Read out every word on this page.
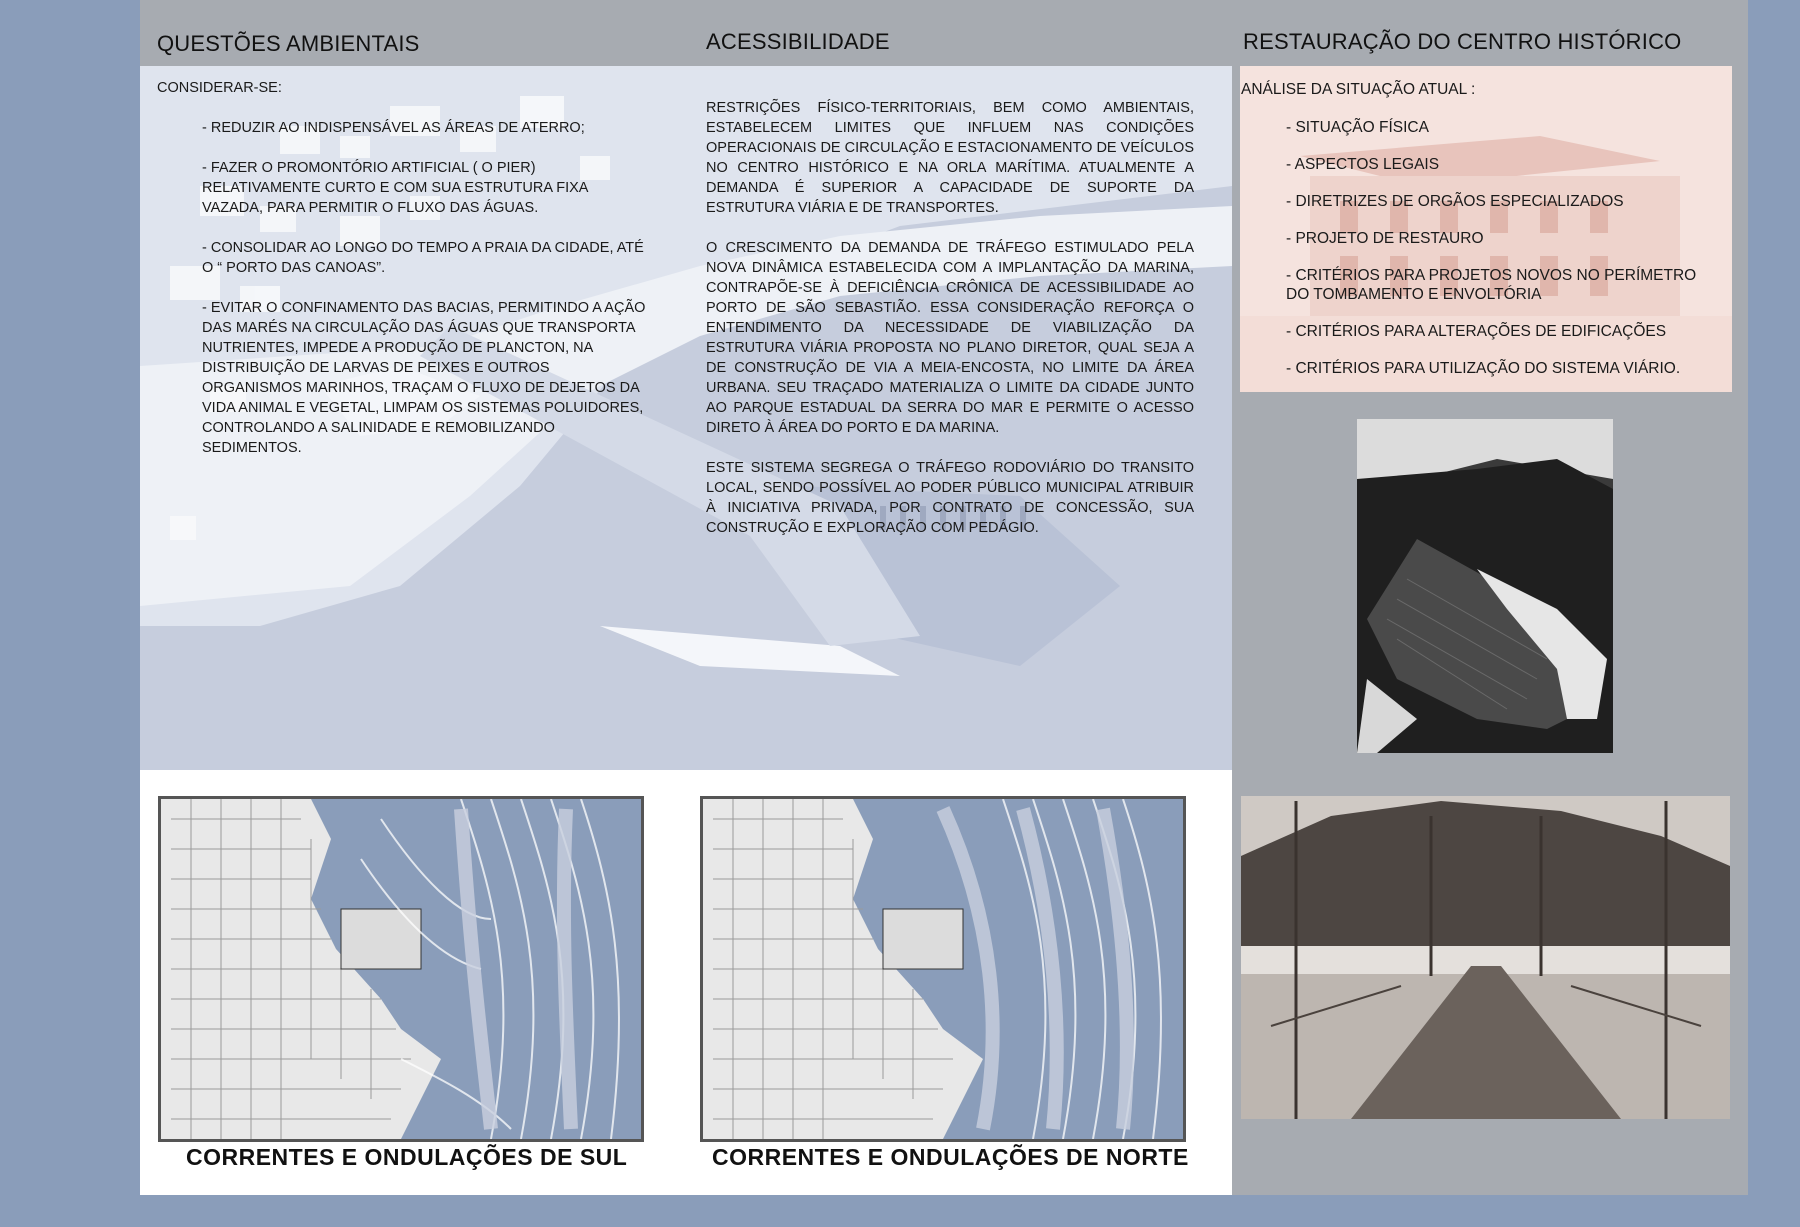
QUESTÕES AMBIENTAIS	ACESSIBILIDADE	RESTAURAÇÃO DO CENTRO HISTÓRICO

CONSIDERAR-SE:

- REDUZIR AO INDISPENSÁVEL AS ÁREAS DE ATERRO;

- FAZER O PROMONTÓRIO ARTIFICIAL ( O PIER) RELATIVAMENTE CURTO E COM SUA ESTRUTURA FIXA VAZADA, PARA PERMITIR O FLUXO DAS ÁGUAS.

- CONSOLIDAR AO LONGO DO TEMPO A PRAIA DA CIDADE, ATÉ O “ PORTO DAS CANOAS”.

- EVITAR O CONFINAMENTO DAS BACIAS, PERMITINDO A AÇÃO DAS MARÉS NA CIRCULAÇÃO DAS ÁGUAS QUE TRANSPORTA NUTRIENTES, IMPEDE A PRODUÇÃO DE PLANCTON, NA DISTRIBUIÇÃO DE LARVAS DE PEIXES E OUTROS ORGANISMOS MARINHOS, TRAÇAM O FLUXO DE DEJETOS DA VIDA ANIMAL E VEGETAL, LIMPAM OS SISTEMAS POLUIDORES, CONTROLANDO A SALINIDADE E REMOBILIZANDO SEDIMENTOS.

RESTRIÇÕES FÍSICO-TERRITORIAIS, BEM COMO AMBIENTAIS, ESTABELECEM LIMITES QUE INFLUEM NAS CONDIÇÕES OPERACIONAIS DE CIRCULAÇÃO E ESTACIONAMENTO DE VEÍCULOS NO CENTRO HISTÓRICO E NA ORLA MARÍTIMA. ATUALMENTE A DEMANDA É SUPERIOR A CAPACIDADE DE SUPORTE DA ESTRUTURA VIÁRIA E DE TRANSPORTES.

O CRESCIMENTO DA DEMANDA DE TRÁFEGO ESTIMULADO PELA NOVA DINÂMICA ESTABELECIDA COM A IMPLANTAÇÃO DA MARINA, CONTRAPÕE-SE À DEFICIÊNCIA CRÔNICA DE ACESSIBILIDADE AO PORTO DE SÃO SEBASTIÃO. ESSA CONSIDERAÇÃO REFORÇA O ENTENDIMENTO DA NECESSIDADE DE VIABILIZAÇÃO DA ESTRUTURA VIÁRIA PROPOSTA NO PLANO DIRETOR, QUAL SEJA A DE CONSTRUÇÃO DE VIA A MEIA-ENCOSTA, NO LIMITE DA ÁREA URBANA. SEU TRAÇADO MATERIALIZA O LIMITE DA CIDADE JUNTO AO PARQUE ESTADUAL DA SERRA DO MAR E PERMITE O ACESSO DIRETO À ÁREA DO PORTO E DA MARINA.

ESTE SISTEMA SEGREGA O TRÁFEGO RODOVIÁRIO DO TRANSITO LOCAL, SENDO POSSÍVEL AO PODER PÚBLICO MUNICIPAL ATRIBUIR À INICIATIVA PRIVADA, POR CONTRATO DE CONCESSÃO, SUA CONSTRUÇÃO E EXPLORAÇÃO COM PEDÁGIO.

ANÁLISE DA SITUAÇÃO ATUAL :
- SITUAÇÃO FÍSICA
- ASPECTOS LEGAIS
- DIRETRIZES DE ORGÃOS ESPECIALIZADOS
- PROJETO DE RESTAURO
- CRITÉRIOS PARA PROJETOS NOVOS NO PERÍMETRO DO TOMBAMENTO E ENVOLTÓRIA
- CRITÉRIOS PARA ALTERAÇÕES DE EDIFICAÇÕES
- CRITÉRIOS PARA UTILIZAÇÃO DO SISTEMA VIÁRIO.
CORRENTES E ONDULAÇÕES DE SUL	CORRENTES E ONDULAÇÕES DE NORTE
